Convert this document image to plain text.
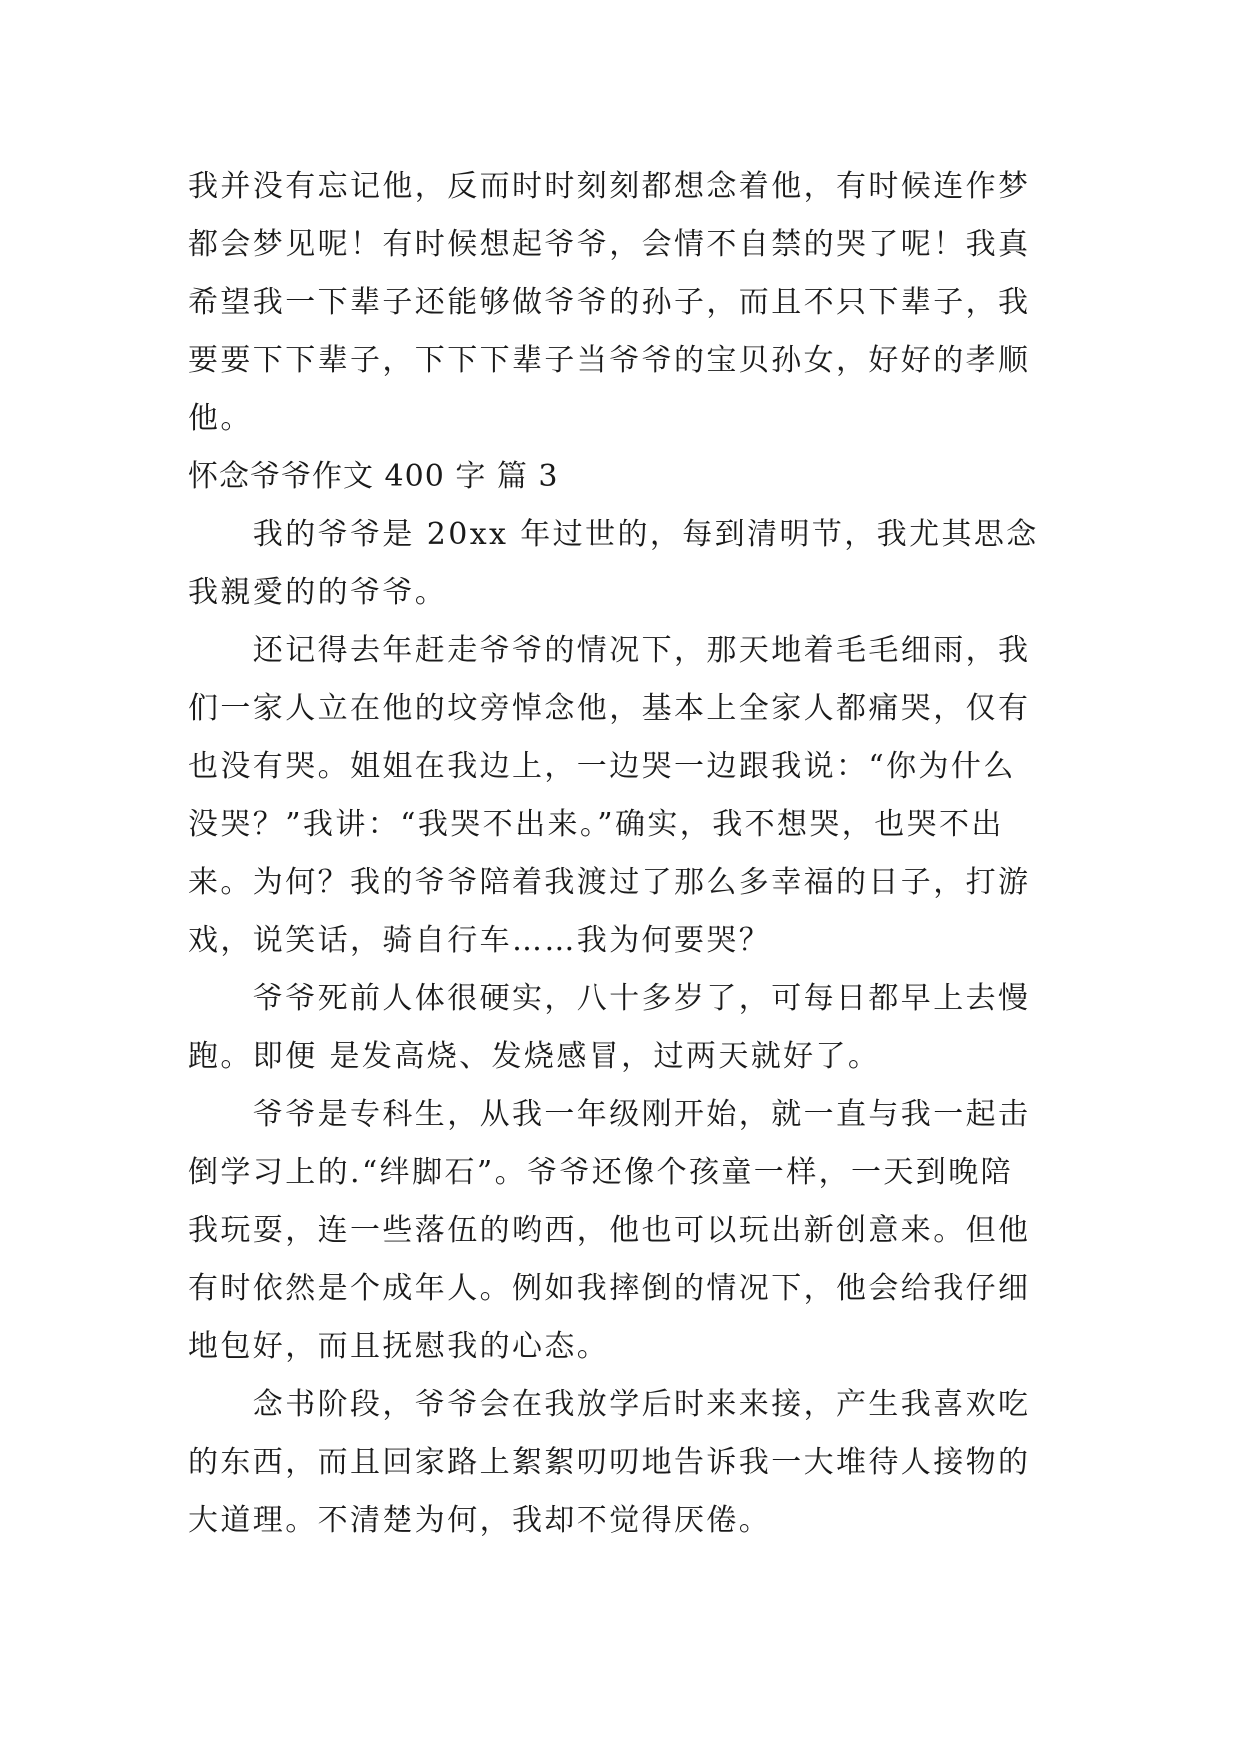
我并没有忘记他，反而时时刻刻都想念着他，有时候连作梦
都会梦见呢！有时候想起爷爷，会情不自禁的哭了呢！我真
希望我一下辈子还能够做爷爷的孙子，而且不只下辈子，我
要要下下辈子，下下下辈子当爷爷的宝贝孙女，好好的孝顺
他。
怀念爷爷作文 400 字 篇 3
　　我的爷爷是 20xx 年过世的，每到清明节，我尤其思念
我親愛的的爷爷。
　　还记得去年赶走爷爷的情况下，那天地着毛毛细雨，我
们一家人立在他的坟旁悼念他，基本上全家人都痛哭，仅有
也没有哭。姐姐在我边上，一边哭一边跟我说：“你为什么
没哭？”我讲：“我哭不出来。”确实，我不想哭，也哭不出
来。为何？我的爷爷陪着我渡过了那么多幸福的日子，打游
戏，说笑话，骑自行车……我为何要哭？
　　爷爷死前人体很硬实，八十多岁了，可每日都早上去慢
跑。即便 是发高烧、发烧感冒，过两天就好了。
　　爷爷是专科生，从我一年级刚开始，就一直与我一起击
倒学习上的.“绊脚石”。爷爷还像个孩童一样，一天到晚陪
我玩耍，连一些落伍的哟西，他也可以玩出新创意来。但他
有时依然是个成年人。例如我摔倒的情况下，他会给我仔细
地包好，而且抚慰我的心态。
　　念书阶段，爷爷会在我放学后时来来接，产生我喜欢吃
的东西，而且回家路上絮絮叨叨地告诉我一大堆待人接物的
大道理。不清楚为何，我却不觉得厌倦。
